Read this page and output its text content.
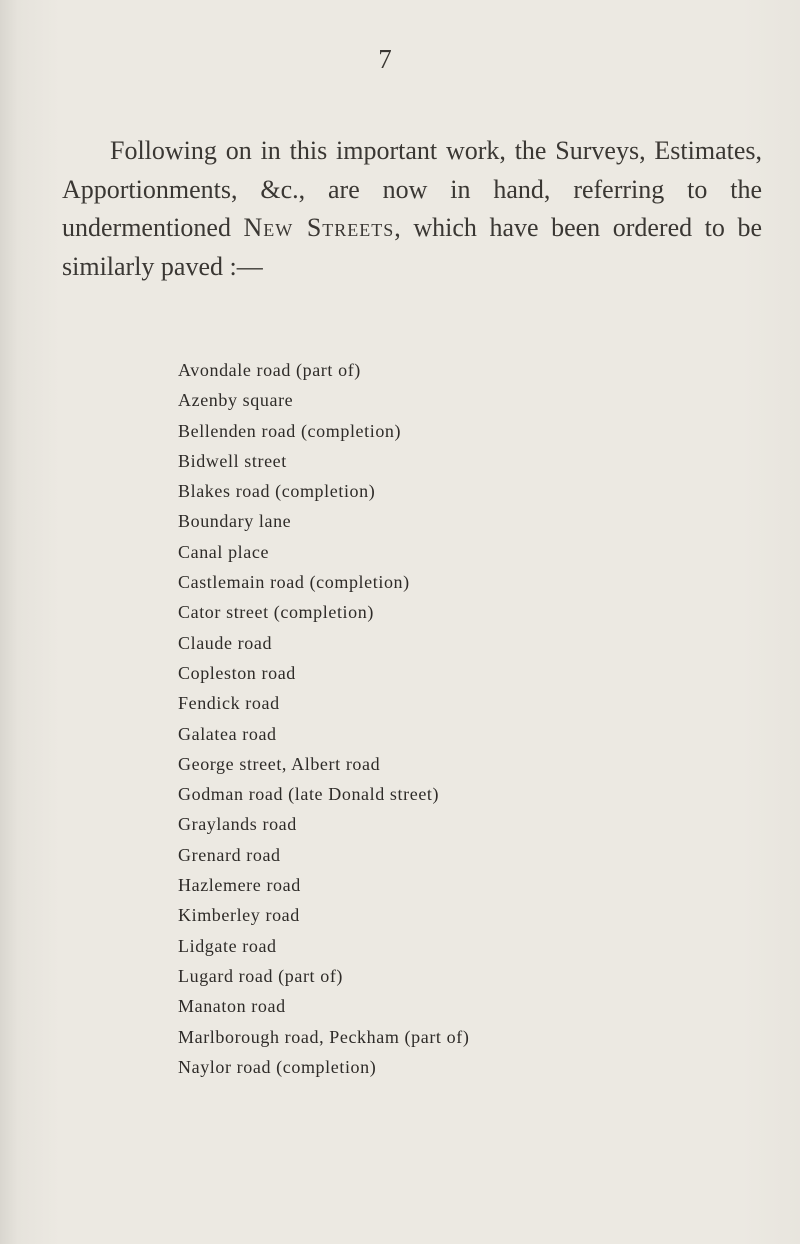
7

Following on in this important work, the Surveys, Estimates, Apportionments, &c., are now in hand, referring to the undermentioned New Streets, which have been ordered to be similarly paved :—

Avondale road (part of)
Azenby square
Bellenden road (completion)
Bidwell street
Blakes road (completion)
Boundary lane
Canal place
Castlemain road (completion)
Cator street (completion)
Claude road
Copleston road
Fendick road
Galatea road
George street, Albert road
Godman road (late Donald street)
Graylands road
Grenard road
Hazlemere road
Kimberley road
Lidgate road
Lugard road (part of)
Manaton road
Marlborough road, Peckham (part of)
Naylor road (completion)
